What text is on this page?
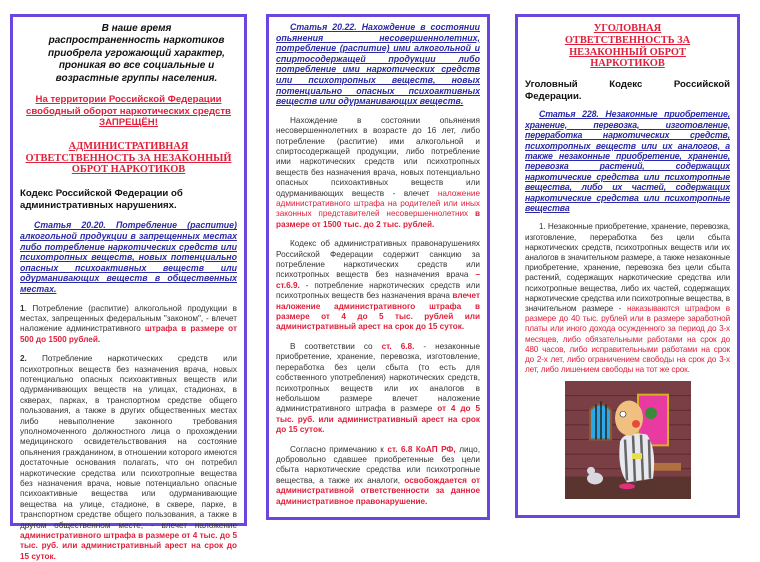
В наше время распространенность наркотиков приобрела угрожающий характер, проникая во все социальные и возрастные группы населения.

На территории Российской Федерации свободный оборот наркотических средств ЗАПРЕЩЁН!

АДМИНИСТРАТИВНАЯ ОТВЕТСТВЕННОСТЬ ЗА НЕЗАКОННЫЙ ОБРОТ НАРКОТИКОВ

Кодекс Российской Федерации об административных нарушениях.

Статья 20.20. Потребление (распитие) алкогольной продукции в запрещенных местах либо потребление наркотических средств или психотропных веществ, новых потенциально опасных психоактивных веществ или одурманивающих веществ в общественных местах.

1. Потребление (распитие) алкогольной продукции в местах, запрещенных федеральным "законом", - влечет наложение административного штрафа в размере от 500 до 1500 рублей.

2. Потребление наркотических средств или психотропных веществ без назначения врача, новых потенциально опасных психоактивных веществ или одурманивающих веществ на улицах, стадионах, в скверах, парках, в транспортном средстве общего пользования, а также в других общественных местах либо невыполнение законного требования уполномоченного должностного лица о прохождении медицинского освидетельствования на состояние опьянения гражданином, в отношении которого имеются достаточные основания полагать, что он потребил наркотические средства или психотропные вещества без назначения врача, новые потенциально опасные психоактивные вещества или одурманивающие вещества на улице, стадионе, в сквере, парке, в транспортном средстве общего пользования, а также в другом общественном месте, - влечет наложение административного штрафа в размере от 4 тыс. до 5 тыс. руб. или административный арест на срок до 15 суток.

Статья 20.22. Нахождение в состоянии опьянения несовершеннолетних, потребление (распитие) ими алкогольной и спиртосодержащей продукции либо потребление ими наркотических средств или психотропных веществ, новых потенциально опасных психоактивных веществ или одурманивающих веществ.

Нахождение в состоянии опьянения несовершеннолетних в возрасте до 16 лет, либо потребление (распитие) ими алкогольной и спиртосодержащей продукции, либо потребление ими наркотических средств или психотропных веществ без назначения врача, новых потенциально опасных психоактивных веществ или одурманивающих веществ - влечет наложение административного штрафа на родителей или иных законных представителей несовершеннолетних в размере от 1500 тыс. до 2 тыс. рублей.

Кодекс об административных правонарушениях Российской Федерации содержит санкцию за потребление наркотических средств или психотропных веществ без назначения врача – ст.6.9. - потребление наркотических средств или психотропных веществ без назначения врача влечет наложение административного штрафа в размере от 4 до 5 тыс. рублей или административный арест на срок до 15 суток.

В соответствии со ст. 6.8. - незаконные приобретение, хранение, перевозка, изготовление, переработка без цели сбыта (то есть для собственного употребления) наркотических средств, психотропных веществ или их аналогов в небольшом размере влечет наложение административного штрафа в размере от 4 до 5 тыс. руб. или административный арест на срок до 15 суток.

Согласно примечанию к ст. 6.8 КоАП РФ, лицо, добровольно сдавшее приобретенные без цели сбыта наркотические средства или психотропные вещества, а также их аналоги, освобождается от административной ответственности за данное административное правонарушение.

УГОЛОВНАЯ ОТВЕТСТВЕННОСТЬ ЗА НЕЗАКОННЫЙ ОБРОТ НАРКОТИКОВ

Уголовный Кодекс Российской Федерации.

Статья 228. Незаконные приобретение, хранение, перевозка, изготовление, переработка наркотических средств, психотропных веществ или их аналогов, а также незаконные приобретение, хранение, перевозка растений, содержащих наркотические средства или психотропные вещества, либо их частей, содержащих наркотические средства или психотропные вещества

1. Незаконные приобретение, хранение, перевозка, изготовление, переработка без цели сбыта наркотических средств, психотропных веществ или их аналогов в значительном размере, а также незаконные приобретение, хранение, перевозка без цели сбыта растений, содержащих наркотические средства или психотропные вещества, либо их частей, содержащих наркотические средства или психотропные вещества, в значительном размере - наказываются штрафом в размере до 40 тыс. рублей или в размере заработной платы или иного дохода осужденного за период до 3-х месяцев, либо обязательными работами на срок до 480 часов, либо исправительными работами на срок до 2-х лет, либо ограничением свободы на срок до 3-х лет, либо лишением свободы на тот же срок.
